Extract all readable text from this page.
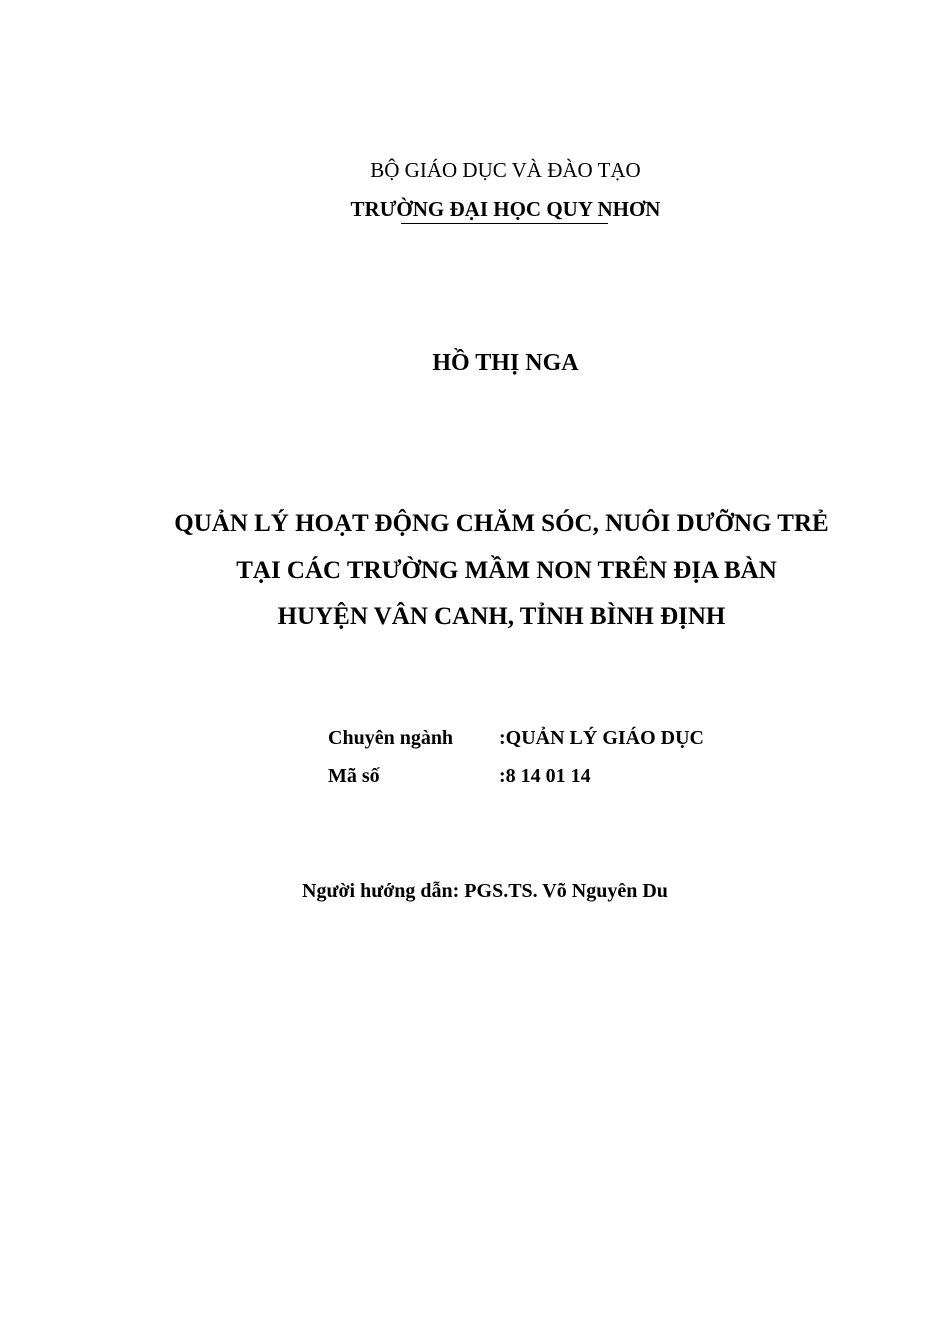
BỘ GIÁO DỤC VÀ ĐÀO TẠO
TRƯỜNG ĐẠI HỌC QUY NHƠN
HỒ THỊ NGA
QUẢN LÝ HOẠT ĐỘNG CHĂM SÓC, NUÔI DƯỠNG TRẺ
TẠI CÁC TRƯỜNG MẦM NON TRÊN ĐỊA BÀN
HUYỆN VÂN CANH, TỈNH BÌNH ĐỊNH
Chuyên ngành :QUẢN LÝ GIÁO DỤC
Mã số	:8 14 01 14
Người hướng dẫn: PGS.TS. Võ Nguyên Du
